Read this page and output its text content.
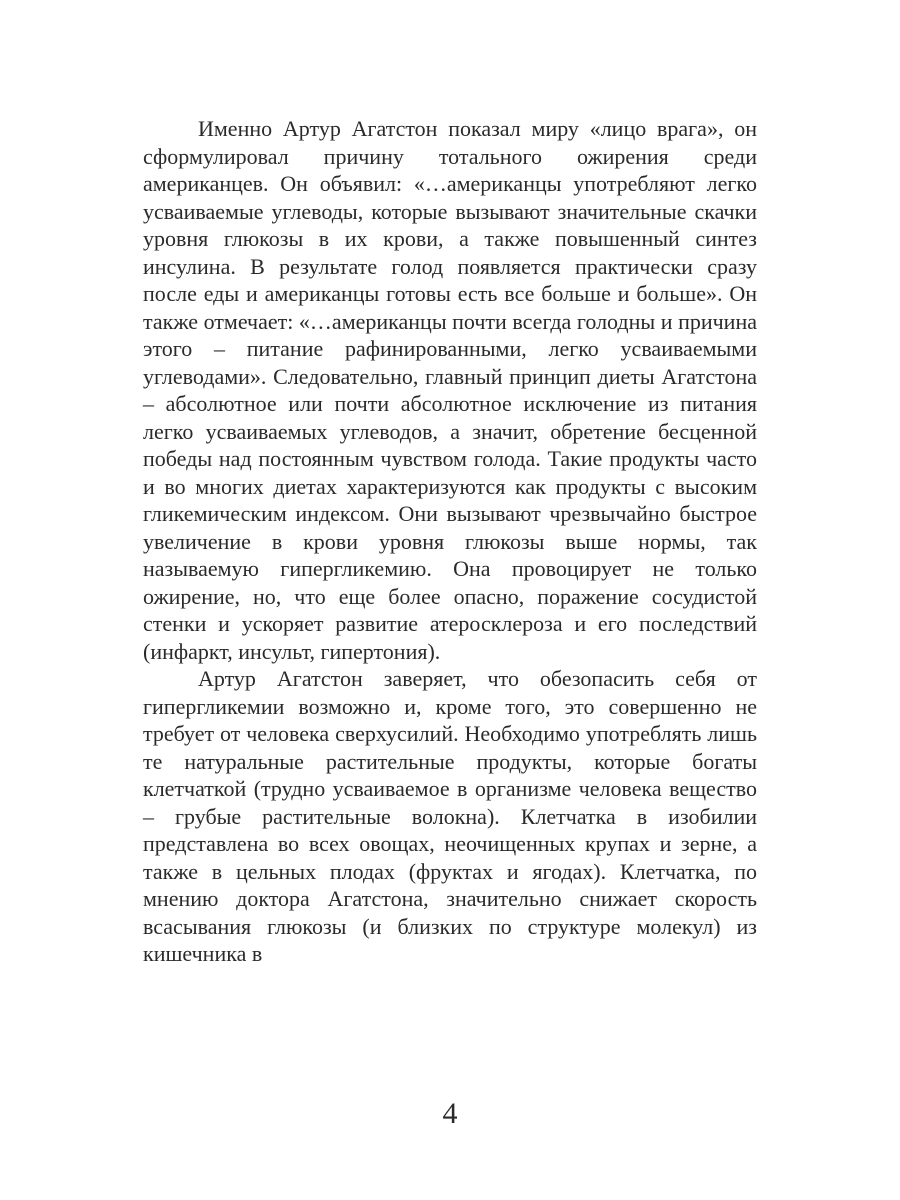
Именно Артур Агатстон показал миру «лицо врага», он сформулировал причину тотального ожирения среди американцев. Он объявил: «…американцы употребляют легко усваиваемые углеводы, которые вызывают значительные скачки уровня глюкозы в их крови, а также повышенный синтез инсулина. В результате голод появляется практически сразу после еды и американцы готовы есть все больше и больше». Он также отмечает: «…американцы почти всегда голодны и причина этого – питание рафинированными, легко усваиваемыми углеводами». Следовательно, главный принцип диеты Агатстона – абсолютное или почти абсолютное исключение из питания легко усваиваемых углеводов, а значит, обретение бесценной победы над постоянным чувством голода. Такие продукты часто и во многих диетах характеризуются как продукты с высоким гликемическим индексом. Они вызывают чрезвычайно быстрое увеличение в крови уровня глюкозы выше нормы, так называемую гипергликемию. Она провоцирует не только ожирение, но, что еще более опасно, поражение сосудистой стенки и ускоряет развитие атеросклероза и его последствий (инфаркт, инсульт, гипертония).

Артур Агатстон заверяет, что обезопасить себя от гипергликемии возможно и, кроме того, это совершенно не требует от человека сверхусилий. Необходимо употреблять лишь те натуральные растительные продукты, которые богаты клетчаткой (трудно усваиваемое в организме человека вещество – грубые растительные волокна). Клетчатка в изобилии представлена во всех овощах, неочищенных крупах и зерне, а также в цельных плодах (фруктах и ягодах). Клетчатка, по мнению доктора Агатстона, значительно снижает скорость всасывания глюкозы (и близких по структуре молекул) из кишечника в

4
